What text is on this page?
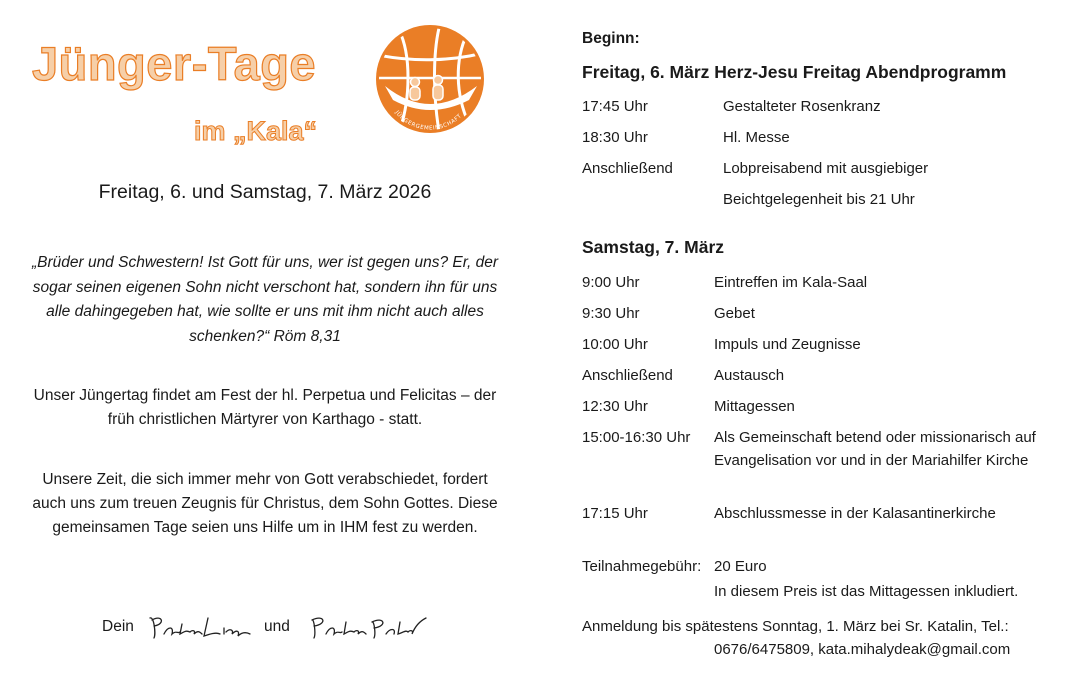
Jünger-Tage
im „Kala“
JÜNGERGEMEINSCHAFT
Freitag, 6. und Samstag, 7. März 2026
„Brüder und Schwestern! Ist Gott für uns, wer ist gegen uns? Er, der sogar seinen eigenen Sohn nicht verschont hat, sondern ihn für uns alle dahingegeben hat, wie sollte er uns mit ihm nicht auch alles schenken?“ Röm 8,31
Unser Jüngertag findet am Fest der hl. Perpetua und Felicitas – der früh christlichen Märtyrer von Karthago - statt.
Unsere Zeit, die sich immer mehr von Gott verabschiedet, fordert auch uns zum treuen Zeugnis für Christus, dem Sohn Gottes. Diese gemeinsamen Tage seien uns Hilfe um in IHM fest zu werden.
Dein	und
Beginn:
Freitag, 6. März Herz-Jesu Freitag Abendprogramm
17:45 Uhr	Gestalteter Rosenkranz
18:30 Uhr	Hl. Messe
Anschließend	Lobpreisabend mit ausgiebiger
Beichtgelegenheit bis 21 Uhr
Samstag, 7. März
9:00 Uhr	Eintreffen im Kala-Saal
9:30 Uhr	Gebet
10:00 Uhr	Impuls und Zeugnisse
Anschließend	Austausch
12:30 Uhr	Mittagessen
15:00-16:30 Uhr Als Gemeinschaft betend oder missionarisch auf Evangelisation vor und in der Mariahilfer Kirche
17:15 Uhr	Abschlussmesse in der Kalasantinerkirche
Teilnahmegebühr: 20 Euro
In diesem Preis ist das Mittagessen inkludiert.
Anmeldung bis spätestens Sonntag, 1. März bei Sr. Katalin, Tel.:
0676/6475809, kata.mihalydeak@gmail.com
